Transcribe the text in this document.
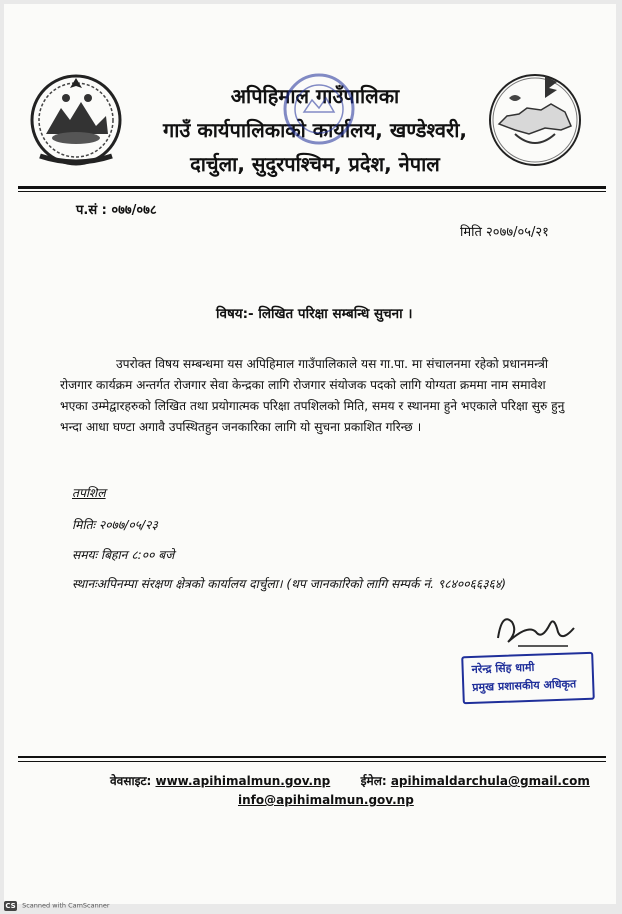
अपिहिमाल गाउँपालिका
गाउँ कार्यपालिकाको कार्यालय, खण्डेश्वरी,
दार्चुला, सुदुरपश्चिम, प्रदेश, नेपाल
प.सं : ०७७/०७८
मिति २०७७/०५/२१
विषय:- लिखित परिक्षा सम्बन्धि सुचना ।
उपरोक्त विषय सम्बन्धमा यस अपिहिमाल गाउँपालिकाले यस गा.पा. मा संचालनमा रहेको प्रधानमन्त्री
रोजगार कार्यक्रम अन्तर्गत रोजगार सेवा केन्द्रका लागि रोजगार संयोजक पदको लागि योग्यता क्रममा नाम समावेश
भएका उम्मेद्वारहरुको लिखित तथा प्रयोगात्मक परिक्षा तपशिलको मिति, समय र स्थानमा हुने भएकाले परिक्षा सुरु हुनु
भन्दा आधा घण्टा अगावै उपस्थितहुन जनकारिका लागि यो सुचना प्रकाशित गरिन्छ ।
तपशिल
मितिः २०७७/०५/२३
समयः बिहान ८:०० बजे
स्थानःअपिनम्पा संरक्षण क्षेत्रको कार्यालय दार्चुला। (थप जानकारिको लागि सम्पर्क नं. ९८४००६६३६४)
नरेन्द्र सिंह धामी
प्रमुख प्रशासकीय अधिकृत
वेवसाइट: www.apihimalmun.gov.np	ईमेल: apihimaldarchula@gmail.com
info@apihimalmun.gov.np
CS Scanned with CamScanner
